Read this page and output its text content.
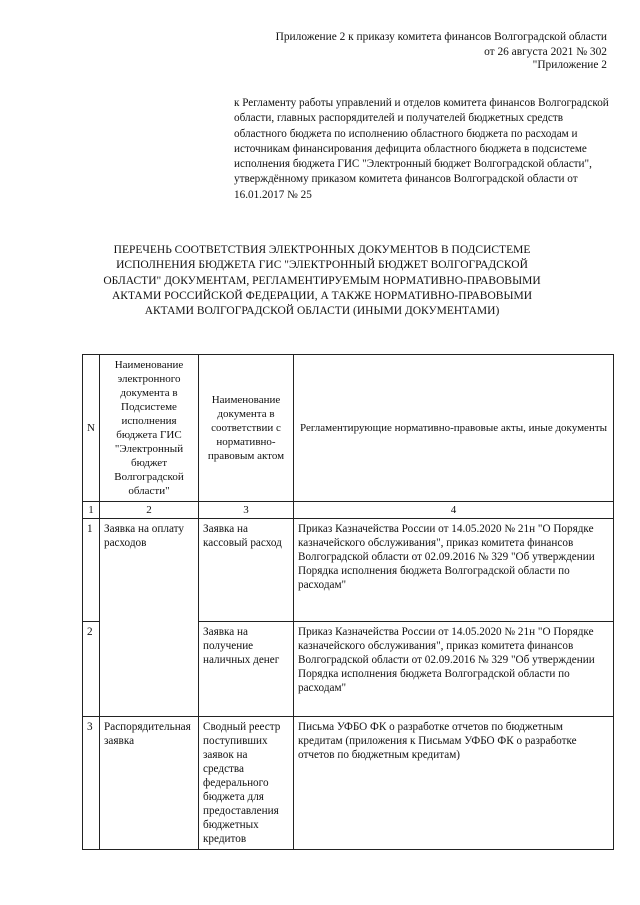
Приложение 2 к приказу комитета финансов Волгоградской области
от 26 августа 2021 № 302
"Приложение 2
к Регламенту работы управлений и отделов комитета финансов Волгоградской области, главных распорядителей и получателей бюджетных средств областного бюджета по исполнению областного бюджета по расходам и источникам финансирования дефицита областного бюджета в подсистеме исполнения бюджета ГИС "Электронный бюджет Волгоградской области", утверждённому приказом комитета финансов Волгоградской области от 16.01.2017 № 25
ПЕРЕЧЕНЬ СООТВЕТСТВИЯ ЭЛЕКТРОННЫХ ДОКУМЕНТОВ В ПОДСИСТЕМЕ ИСПОЛНЕНИЯ БЮДЖЕТА ГИС "ЭЛЕКТРОННЫЙ БЮДЖЕТ ВОЛГОГРАДСКОЙ ОБЛАСТИ" ДОКУМЕНТАМ, РЕГЛАМЕНТИРУЕМЫМ НОРМАТИВНО-ПРАВОВЫМИ АКТАМИ РОССИЙСКОЙ ФЕДЕРАЦИИ, А ТАКЖЕ НОРМАТИВНО-ПРАВОВЫМИ АКТАМИ ВОЛГОГРАДСКОЙ ОБЛАСТИ (ИНЫМИ ДОКУМЕНТАМИ)
N	Наименование электронного документа в Подсистеме исполнения бюджета ГИС "Электронный бюджет Волгоградской области"	Наименование документа в соответствии с нормативно-правовым актом	Регламентирующие нормативно-правовые акты, иные документы
1	2	3	4
1	Заявка на оплату расходов	Заявка на кассовый расход	Приказ Казначейства России от 14.05.2020 № 21н "О Порядке казначейского обслуживания", приказ комитета финансов Волгоградской области от 02.09.2016 № 329 "Об утверждении Порядка исполнения бюджета Волгоградской области по расходам"
2		Заявка на получение наличных денег	Приказ Казначейства России от 14.05.2020 № 21н "О Порядке казначейского обслуживания", приказ комитета финансов Волгоградской области от 02.09.2016 № 329 "Об утверждении Порядка исполнения бюджета Волгоградской области по расходам"
3	Распорядительная заявка	Сводный реестр поступивших заявок на средства федерального бюджета для предоставления бюджетных кредитов	Письма УФБО ФК о разработке отчетов по бюджетным кредитам (приложения к Письмам УФБО ФК о разработке отчетов по бюджетным кредитам)
